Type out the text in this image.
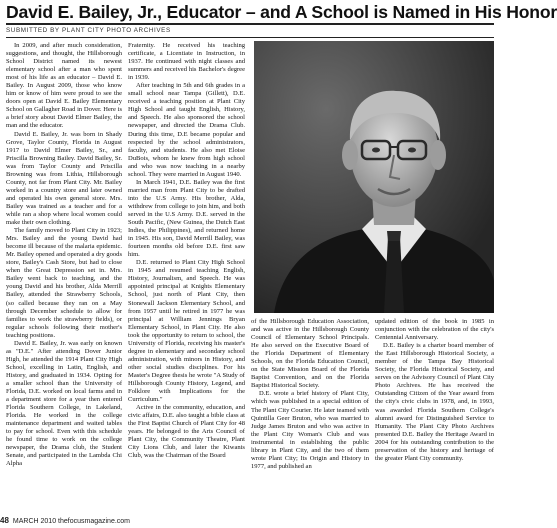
David E. Bailey, Jr., Educator – and A School is Named in His Honor
SUBMITTED BY PLANT CITY PHOTO ARCHIVES

In 2009, and after much consideration, suggestions, and thought, the Hillsborough School District named its newest elementary school after a man who spent most of his life as an educator – David E. Bailey. In August 2009, those who know him or know of him were proud to see the doors open at David E. Bailey Elementary School on Gallagher Road in Dover. Here is a brief story about David Elmer Bailey, the man and the educator.

David E. Bailey, Jr. was born in Shady Grove, Taylor County, Florida in August 1917 to David Elmer Bailey, Sr., and Priscilla Browning Bailey. David Bailey, Sr. was from Taylor County and Priscilla Browning was from Lithia, Hillsborough County, not far from Plant City. Mr. Bailey worked in a country store and later owned and operated his own general store. Mrs. Bailey was trained as a teacher and for a while ran a shop where local women could make their own clothing.

The family moved to Plant City in 1923; Mrs. Bailey and the young David had become ill because of the malaria epidemic. Mr. Bailey opened and operated a dry goods store, Bailey's Cash Store, but had to close when the Great Depression set in. Mrs. Bailey went back to teaching, and the young David and his brother, Alda Merrill Bailey, attended the Strawberry Schools, (so called because they ran on a May through December schedule to allow for families to work the strawberry fields), or regular schools following their mother's teaching positions.

David E. Bailey, Jr. was early on known as "D.E." After attending Dover Junior High, he attended the 1914 Plant City High School, excelling in Latin, English, and History, and graduated in 1934. Opting for a smaller school than the University of Florida, D.E. worked on local farms and in a department store for a year then entered Florida Southern College, in Lakeland, Florida. He worked in the college maintenance department and waited tables to pay for school. Even with this schedule he found time to work on the college newspaper, the Drama club, the Student Senate, and participated in the Lambda Chi Alpha

Fraternity. He received his teaching certificate, a Licentiate in Instruction, in 1937. He continued with night classes and summers and received his Bachelor's degree in 1939.

After teaching in 5th and 6th grades in a small school near Tampa (Gillett), D.E. received a teaching position at Plant City High School and taught English, History, and Speech. He also sponsored the school newspaper, and directed the Drama Club. During this time, D.E became popular and respected by the school administrators, faculty, and students. He also met Eloise DuBois, whom he knew from high school and who was now teaching in a nearby school. They were married in August 1940.

In March 1941, D.E. Bailey was the first married man from Plant City to be drafted into the U.S Army. His brother, Alda, withdrew from college to join him, and both served in the U.S Army. D.E. served in the South Pacific, (New Guinea, the Dutch East Indies, the Philippines), and returned home in 1945. His son, David Merrill Bailey, was fourteen months old before D.E. first saw him.

D.E. returned to Plant City High School in 1945 and resumed teaching English, History, Journalism, and Speech. He was appointed principal at Knights Elementary School, just north of Plant City, then Stonewall Jackson Elementary School, and from 1957 until he retired in 1977 he was principal at William Jennings Bryan Elementary School, in Plant City. He also took the opportunity to return to school, the University of Florida, receiving his master's degree in elementary and secondary school administration, with minors in History, and other social studies disciplines. For his Master's Degree thesis he wrote "A Study of Hillsborough County History, Legend, and Folklore with Implications for the Curriculum."

Active in the community, education, and civic affairs, D.E. also taught a bible class at the First Baptist Church of Plant City for 48 years. He belonged to the Arts Council of Plant City, the Community Theatre, Plant City Lions Club, and later the Kiwanis Club, was the Chairman of the Board

of the Hillsborough Education Association, and was active in the Hillsborough County Council of Elementary School Principals. He also served on the Executive Board of the Florida Department of Elementary Schools, on the Florida Education Council, on the State Mission Board of the Florida Baptist Convention, and on the Florida Baptist Historical Society.

D.E. wrote a brief history of Plant City, which was published in a special edition of The Plant City Courier. He later teamed with Quintilla Geer Bruton, who was married to Judge James Bruton and who was active in the Plant City Woman's Club and was instrumental in establishing the public library in Plant City, and the two of them wrote Plant City; Its Origin and History in 1977, and published an

updated edition of the book in 1985 in conjunction with the celebration of the city's Centennial Anniversary.

D.E. Bailey is a charter board member of the East Hillsborough Historical Society, a member of the Tampa Bay Historical Society, the Florida Historical Society, and serves on the Advisory Council of Plant City Photo Archives. He has received the Outstanding Citizen of the Year award from the city's civic clubs in 1978, and, in 1993, was awarded Florida Southern College's alumni award for Distinguished Service to Humanity. The Plant City Photo Archives presented D.E. Bailey the Heritage Award in 2004 for his outstanding contribution to the preservation of the history and heritage of the greater Plant City community.

48 MARCH 2010 thefocusmagazine.com
